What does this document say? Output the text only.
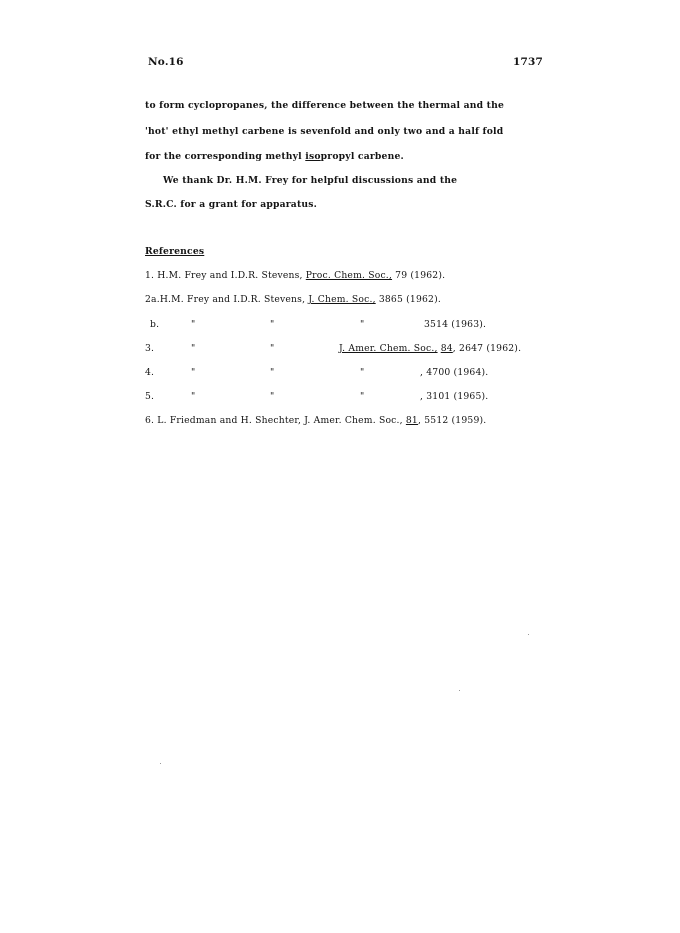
No.16	1737
to form cyclopropanes, the difference between the thermal and the
'hot' ethyl methyl carbene is sevenfold and only two and a half fold
for the corresponding methyl isopropyl carbene.
We thank Dr. H.M. Frey for helpful discussions and the
S.R.C. for a grant for apparatus.
References
1. H.M. Frey and I.D.R. Stevens, Proc. Chem. Soc., 79 (1962).
2a.H.M. Frey and I.D.R. Stevens, J. Chem. Soc., 3865 (1962).
b.	"	"	"	3514 (1963).
3.	"	"	J. Amer. Chem. Soc., 84, 2647 (1962).
4.	"	"	"	, 4700 (1964).
5.	"	"	"	, 3101 (1965).
6. L. Friedman and H. Shechter, J. Amer. Chem. Soc., 81, 5512 (1959).
